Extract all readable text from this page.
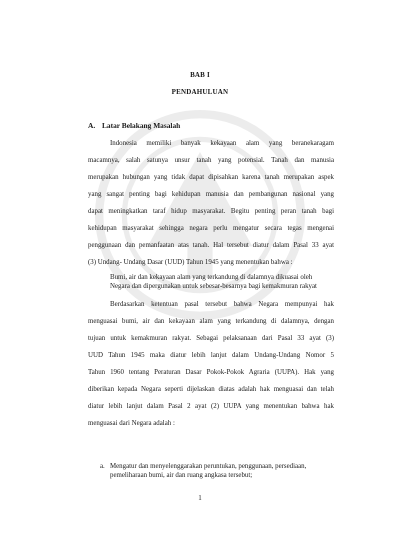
BAB I
PENDAHULUAN
A. Latar Belakang Masalah
Indonesia memiliki banyak kekayaan alam yang beranekaragam
macamnya, salah satunya unsur tanah yang potensial. Tanah dan manusia
merupakan hubungan yang tidak dapat dipisahkan karena tanah merupakan aspek
yang sangat penting bagi kehidupan manusia dan pembangunan nasional yang
dapat meningkatkan taraf hidup masyarakat. Begitu penting peran tanah bagi
kehidupan masyarakat sehingga negara perlu mengatur secara tegas mengenai
penggunaan dan pemanfaatan atas tanah. Hal tersebut diatur dalam Pasal 33 ayat
(3) Undang- Undang Dasar (UUD) Tahun 1945 yang menentukan bahwa :
Bumi, air dan kekayaan alam yang terkandung di dalamnya dikuasai oleh
Negara dan dipergunakan untuk sebesar-besarnya bagi kemakmuran rakyat
Berdasarkan ketentuan pasal tersebut bahwa Negara mempunyai hak
menguasai bumi, air dan kekayaan alam yang terkandung di dalamnya, dengan
tujuan untuk kemakmuran rakyat. Sebagai pelaksanaan dari Pasal 33 ayat (3)
UUD Tahun 1945 maka diatur lebih lanjut dalam Undang-Undang Nomor 5
Tahun 1960 tentang Peraturan Dasar Pokok-Pokok Agraria (UUPA). Hak yang
diberikan kepada Negara seperti dijelaskan diatas adalah hak menguasai dan telah
diatur lebih lanjut dalam Pasal 2 ayat (2) UUPA yang menentukan bahwa hak
menguasai dari Negara adalah :
a. Mengatur dan menyelenggarakan peruntukan, penggunaan, persediaan,
pemeliharaan bumi, air dan ruang angkasa tersebut;
1
